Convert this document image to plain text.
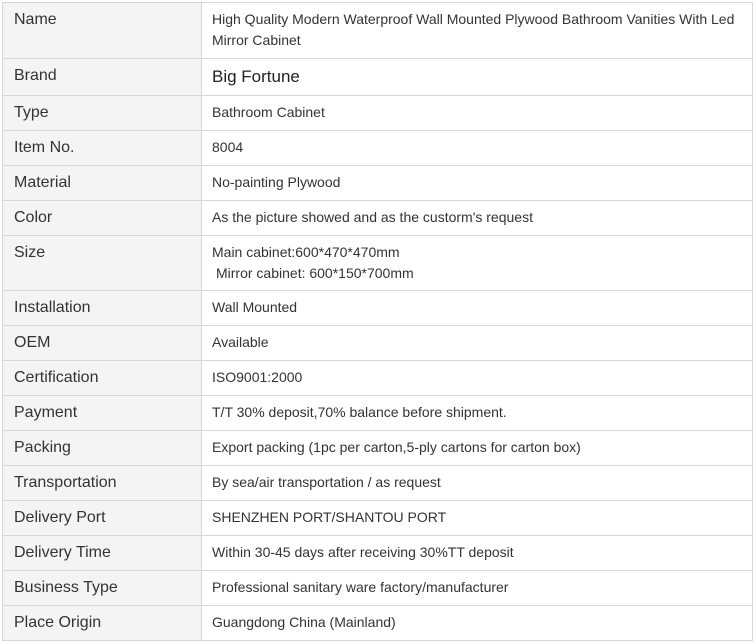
Name	High Quality Modern Waterproof Wall Mounted Plywood Bathroom Vanities With Led Mirror Cabinet
Brand	Big Fortune
Type	Bathroom Cabinet
Item No.	8004
Material	No-painting Plywood
Color	As the picture showed and as the custorm's request
Size	Main cabinet:600*470*470mm
Mirror cabinet: 600*150*700mm

Installation	Wall Mounted
OEM	Available
Certification	ISO9001:2000
Payment	T/T 30% deposit,70% balance before shipment.
Packing	Export packing (1pc per carton,5-ply cartons for carton box)
Transportation	By sea/air transportation / as request
Delivery Port	SHENZHEN PORT/SHANTOU PORT
Delivery Time	Within 30-45 days after receiving 30%TT deposit
Business Type	Professional sanitary ware factory/manufacturer
Place Origin	Guangdong China (Mainland)
